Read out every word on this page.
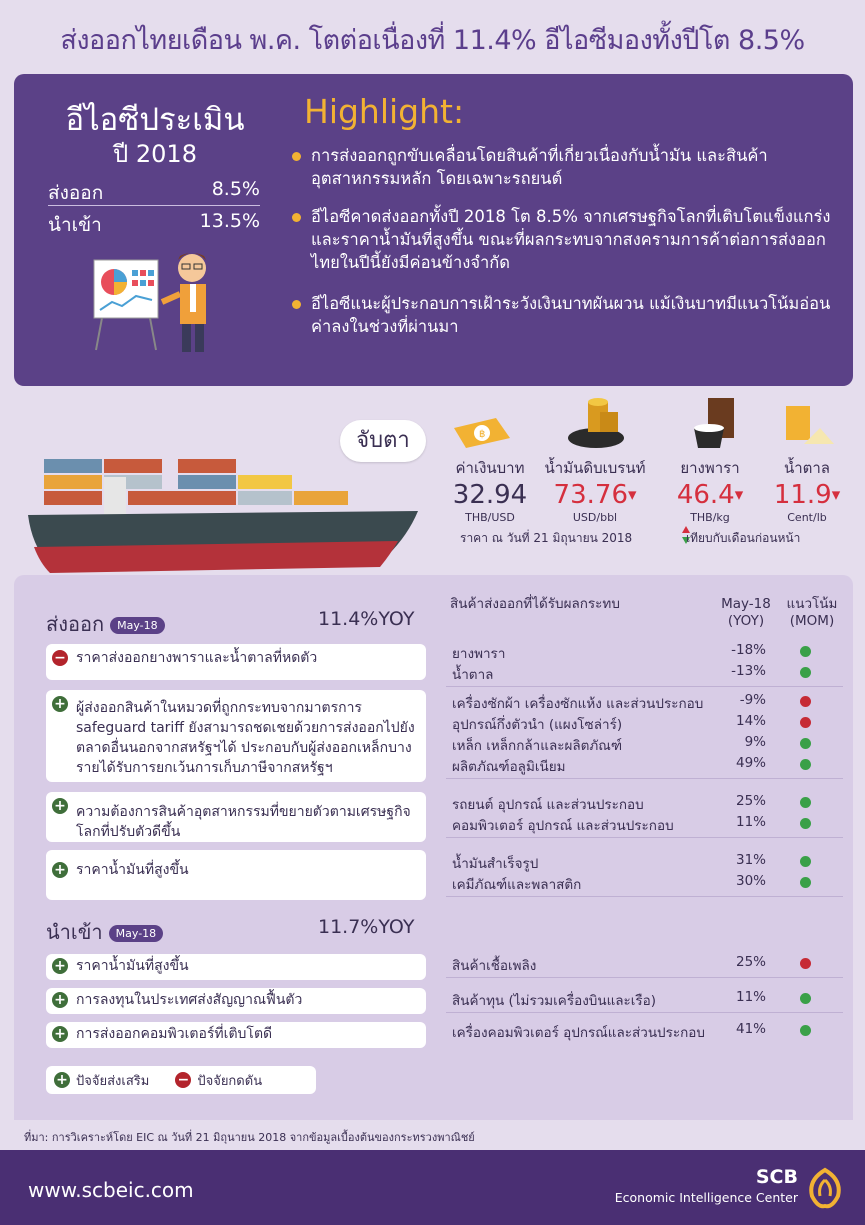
ส่งออกไทยเดือน พ.ค. โตต่อเนื่องที่ 11.4% อีไอซีมองทั้งปีโต 8.5%
อีไอซีประเมิน
ปี 2018
ส่งออก	8.5%
นำเข้า	13.5%
Highlight:
การส่งออกถูกขับเคลื่อนโดยสินค้าที่เกี่ยวเนื่องกับน้ำมัน และสินค้าอุตสาหกรรมหลัก โดยเฉพาะรถยนต์
อีไอซีคาดส่งออกทั้งปี 2018 โต 8.5% จากเศรษฐกิจโลกที่เติบโตแข็งแกร่ง และราคาน้ำมันที่สูงขึ้น ขณะที่ผลกระทบจากสงครามการค้าต่อการส่งออกไทยในปีนี้ยังมีค่อนข้างจำกัด
อีไอซีแนะผู้ประกอบการเฝ้าระวังเงินบาทผันผวน แม้เงินบาทมีแนวโน้มอ่อนค่าลงในช่วงที่ผ่านมา
จับตา
ค่าเงินบาท
32.94
THB/USD
น้ำมันดิบเบรนท์
73.76▼
USD/bbl
ยางพารา
46.4▼
THB/kg
น้ำตาล
11.9▼
Cent/lb
฿
ราคา ณ วันที่ 21 มิถุนายน 2018	เทียบกับเดือนก่อนหน้า
ส่งออก May-18	11.4%YOY
สินค้าส่งออกที่ได้รับผลกระทบ	May-18 (YOY)
แนวโน้ม (MOM)
− ราคาส่งออกยางพาราและน้ำตาลที่หดตัว
+ ผู้ส่งออกสินค้าในหมวดที่ถูกกระทบจากมาตรการ safeguard tariff ยังสามารถชดเชยด้วยการส่งออกไปยังตลาดอื่นนอกจากสหรัฐฯได้ ประกอบกับผู้ส่งออกเหล็กบางรายได้รับการยกเว้นการเก็บภาษีจากสหรัฐฯ
+ ความต้องการสินค้าอุตสาหกรรมที่ขยายตัวตามเศรษฐกิจโลกที่ปรับตัวดีขึ้น
+ ราคาน้ำมันที่สูงขึ้น
นำเข้า May-18	11.7%YOY
+ ราคาน้ำมันที่สูงขึ้น
+ การลงทุนในประเทศส่งสัญญาณฟื้นตัว
+ การส่งออกคอมพิวเตอร์ที่เติบโตดี
ยางพารา	-18%
น้ำตาล	-13%
เครื่องซักผ้า เครื่องซักแห้ง และส่วนประกอบ	-9%
อุปกรณ์กึ่งตัวนำ (แผงโซล่าร์)	14%
เหล็ก เหล็กกล้าและผลิตภัณฑ์	9%
ผลิตภัณฑ์อลูมิเนียม	49%
รถยนต์ อุปกรณ์ และส่วนประกอบ	25%
คอมพิวเตอร์ อุปกรณ์ และส่วนประกอบ	11%
น้ำมันสำเร็จรูป	31%
เคมีภัณฑ์และพลาสติก	30%
สินค้าเชื้อเพลิง	25%
สินค้าทุน (ไม่รวมเครื่องบินและเรือ)	11%
เครื่องคอมพิวเตอร์ อุปกรณ์และส่วนประกอบ	41%
+ ปัจจัยส่งเสริม − ปัจจัยกดดัน
ที่มา: การวิเคราะห์โดย EIC ณ วันที่ 21 มิถุนายน 2018 จากข้อมูลเบื้องต้นของกระทรวงพาณิชย์
www.scbeic.com
SCB
Economic Intelligence Center
